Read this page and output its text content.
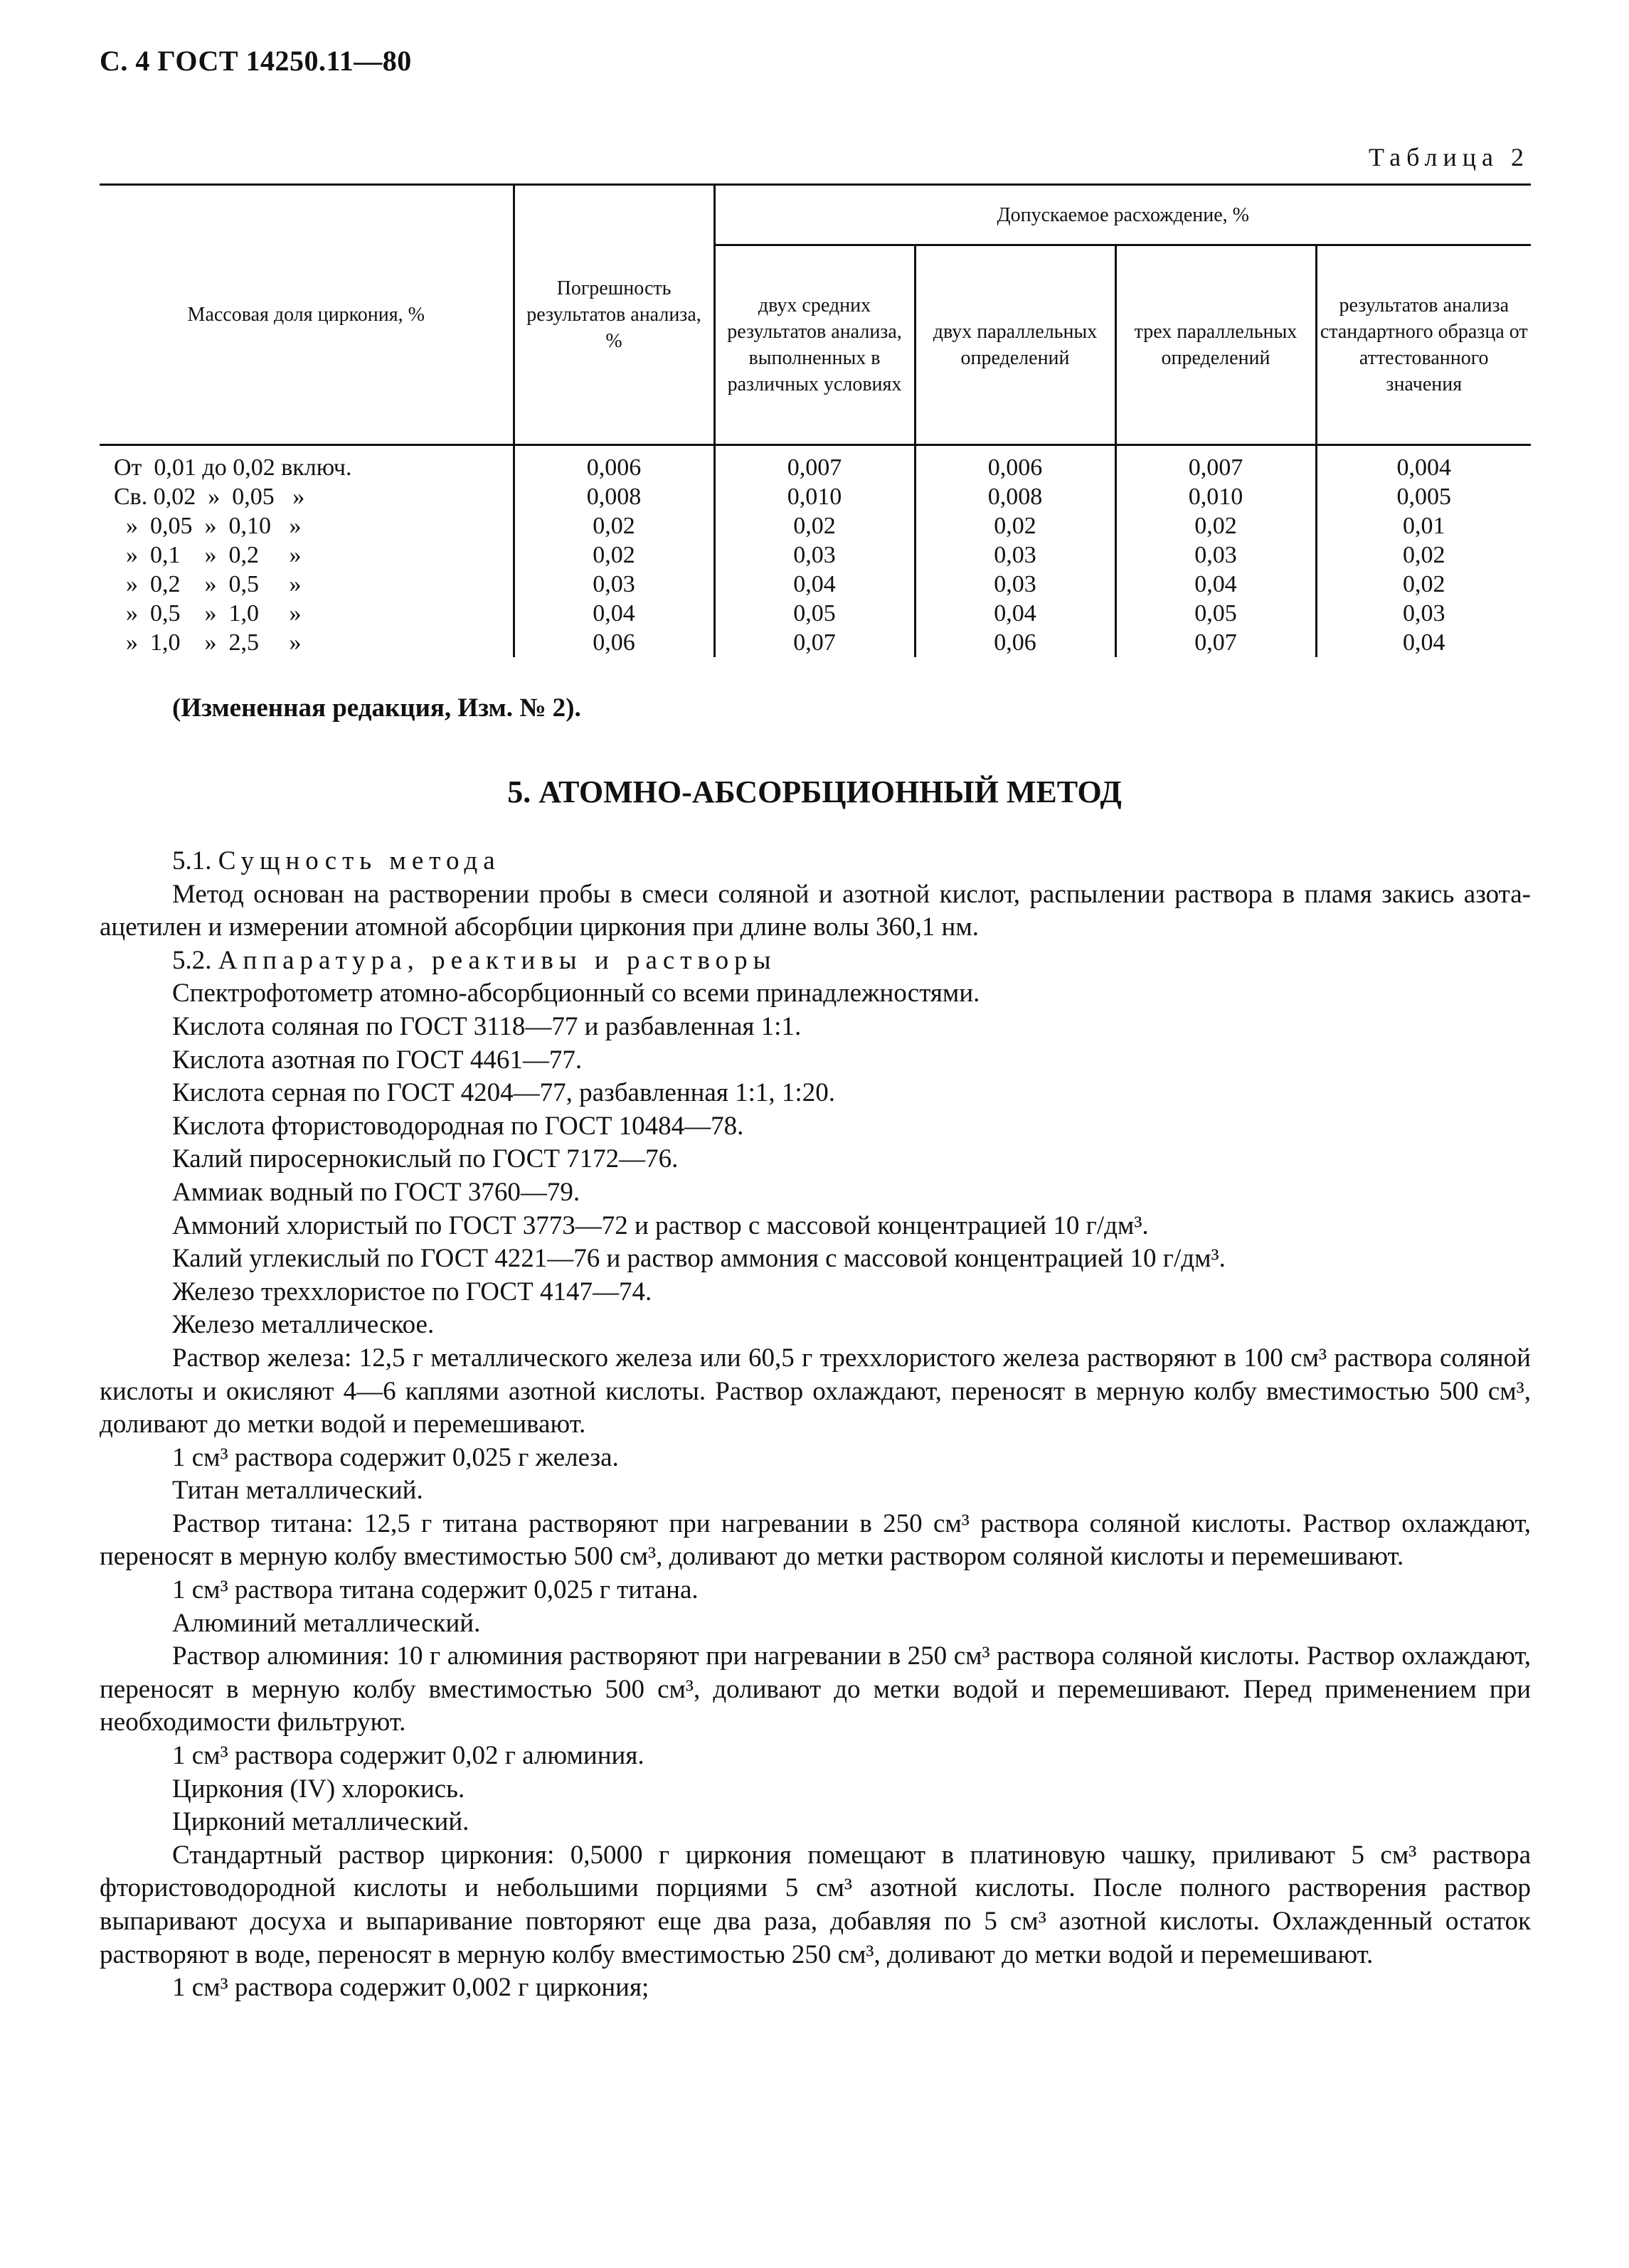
С. 4 ГОСТ 14250.11—80
Таблица 2
Массовая доля циркония, %	Погрешность результатов анализа, %	Допускаемое расхождение, %			
		двух средних результатов анализа, выполненных в различных условиях	двух параллельных определений	трех параллельных определений	результатов анализа стандартного образца от аттестованного значения
От  0,01 до 0,02 включ.	0,006	0,007	0,006	0,007	0,004
Св. 0,02  »  0,05   »	0,008	0,010	0,008	0,010	0,005
»  0,05  »  0,10   »	0,02	0,02	0,02	0,02	0,01
»  0,1    »  0,2     »	0,02	0,03	0,03	0,03	0,02
»  0,2    »  0,5     »	0,03	0,04	0,03	0,04	0,02
»  0,5    »  1,0     »	0,04	0,05	0,04	0,05	0,03
»  1,0    »  2,5     »	0,06	0,07	0,06	0,07	0,04
(Измененная редакция, Изм. № 2).
5. АТОМНО-АБСОРБЦИОННЫЙ МЕТОД

5.1. Сущность метода

Метод основан на растворении пробы в смеси соляной и азотной кислот, распылении раствора в пламя закись азота-ацетилен и измерении атомной абсорбции циркония при длине волы 360,1 нм.

5.2. Аппаратура, реактивы и растворы

Спектрофотометр атомно-абсорбционный со всеми принадлежностями.

Кислота соляная по ГОСТ 3118—77 и разбавленная 1:1.

Кислота азотная по ГОСТ 4461—77.

Кислота серная по ГОСТ 4204—77, разбавленная 1:1, 1:20.

Кислота фтористоводородная по ГОСТ 10484—78.

Калий пиросернокислый по ГОСТ 7172—76.

Аммиак водный по ГОСТ 3760—79.

Аммоний хлористый по ГОСТ 3773—72 и раствор с массовой концентрацией 10 г/дм³.

Калий углекислый по ГОСТ 4221—76 и раствор аммония с массовой концентрацией 10 г/дм³.

Железо треххлористое по ГОСТ 4147—74.

Железо металлическое.

Раствор железа: 12,5 г металлического железа или 60,5 г треххлористого железа растворяют в 100 см³ раствора соляной кислоты и окисляют 4—6 каплями азотной кислоты. Раствор охлаждают, переносят в мерную колбу вместимостью 500 см³, доливают до метки водой и перемешивают.

1 см³ раствора содержит 0,025 г железа.

Титан металлический.

Раствор титана: 12,5 г титана растворяют при нагревании в 250 см³ раствора соляной кислоты. Раствор охлаждают, переносят в мерную колбу вместимостью 500 см³, доливают до метки раствором соляной кислоты и перемешивают.

1 см³ раствора титана содержит 0,025 г титана.

Алюминий металлический.

Раствор алюминия: 10 г алюминия растворяют при нагревании в 250 см³ раствора соляной кислоты. Раствор охлаждают, переносят в мерную колбу вместимостью 500 см³, доливают до метки водой и перемешивают. Перед применением при необходимости фильтруют.

1 см³ раствора содержит 0,02 г алюминия.

Циркония (IV) хлорокись.

Цирконий металлический.

Стандартный раствор циркония: 0,5000 г циркония помещают в платиновую чашку, приливают 5 см³ раствора фтористоводородной кислоты и небольшими порциями 5 см³ азотной кислоты. После полного растворения раствор выпаривают досуха и выпаривание повторяют еще два раза, добавляя по 5 см³ азотной кислоты. Охлажденный остаток растворяют в воде, переносят в мерную колбу вместимостью 250 см³, доливают до метки водой и перемешивают.

1 см³ раствора содержит 0,002 г циркония;
